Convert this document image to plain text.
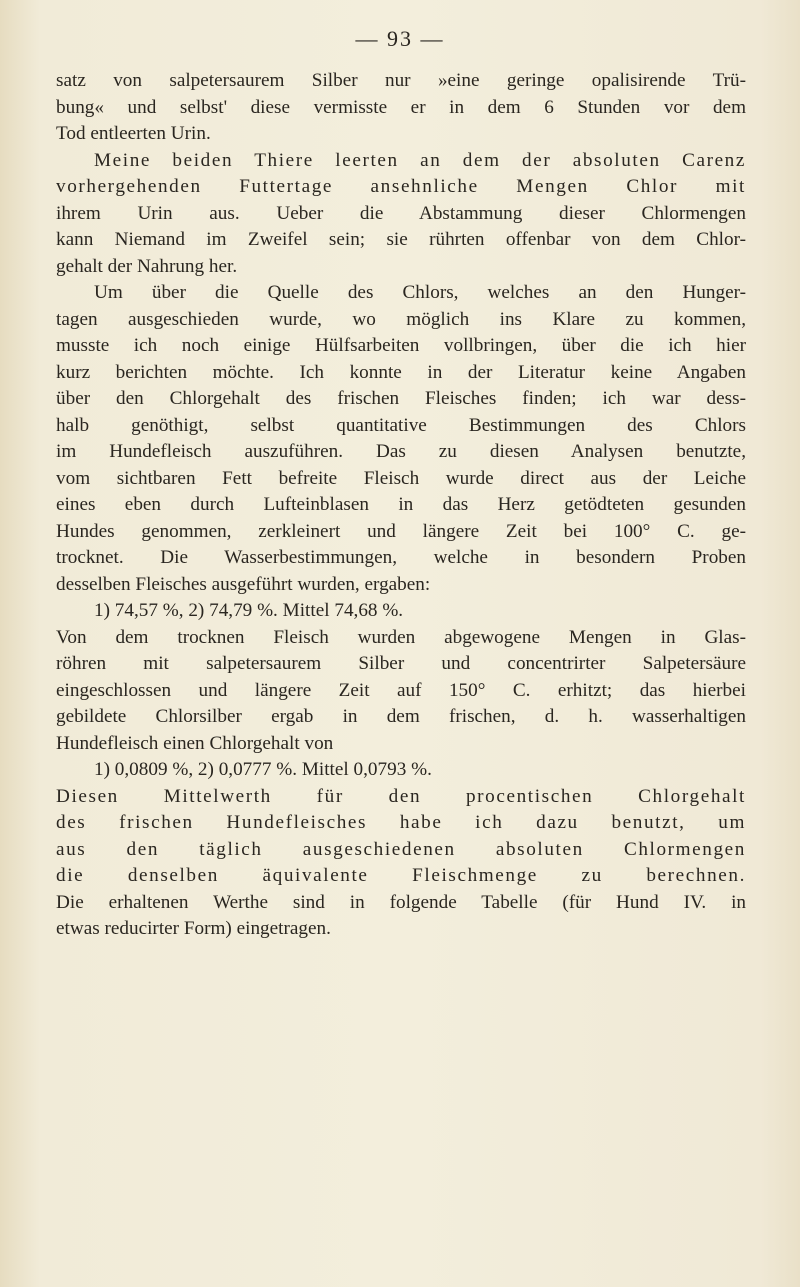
— 93 —
satz von salpetersaurem Silber nur »eine geringe opalisirende Trü-
bung« und selbst' diese vermisste er in dem 6 Stunden vor dem
Tod entleerten Urin.
Meine beiden Thiere leerten an dem der absoluten Carenz
vorhergehenden Futtertage ansehnliche Mengen Chlor mit
ihrem Urin aus. Ueber die Abstammung dieser Chlormengen
kann Niemand im Zweifel sein; sie rührten offenbar von dem Chlor-
gehalt der Nahrung her.
Um über die Quelle des Chlors, welches an den Hunger-
tagen ausgeschieden wurde, wo möglich ins Klare zu kommen,
musste ich noch einige Hülfsarbeiten vollbringen, über die ich hier
kurz berichten möchte. Ich konnte in der Literatur keine Angaben
über den Chlorgehalt des frischen Fleisches finden; ich war dess-
halb genöthigt, selbst quantitative Bestimmungen des Chlors
im Hundefleisch auszuführen. Das zu diesen Analysen benutzte,
vom sichtbaren Fett befreite Fleisch wurde direct aus der Leiche
eines eben durch Lufteinblasen in das Herz getödteten gesunden
Hundes genommen, zerkleinert und längere Zeit bei 100° C. ge-
trocknet. Die Wasserbestimmungen, welche in besondern Proben
desselben Fleisches ausgeführt wurden, ergaben:
1) 74,57 %, 2) 74,79 %. Mittel 74,68 %.
Von dem trocknen Fleisch wurden abgewogene Mengen in Glas-
röhren mit salpetersaurem Silber und concentrirter Salpetersäure
eingeschlossen und längere Zeit auf 150° C. erhitzt; das hierbei
gebildete Chlorsilber ergab in dem frischen, d. h. wasserhaltigen
Hundefleisch einen Chlorgehalt von
1) 0,0809 %, 2) 0,0777 %. Mittel 0,0793 %.
Diesen Mittelwerth für den procentischen Chlorgehalt
des frischen Hundefleisches habe ich dazu benutzt, um
aus den täglich ausgeschiedenen absoluten Chlormengen
die denselben äquivalente Fleischmenge zu berechnen.
Die erhaltenen Werthe sind in folgende Tabelle (für Hund IV. in
etwas reducirter Form) eingetragen.
